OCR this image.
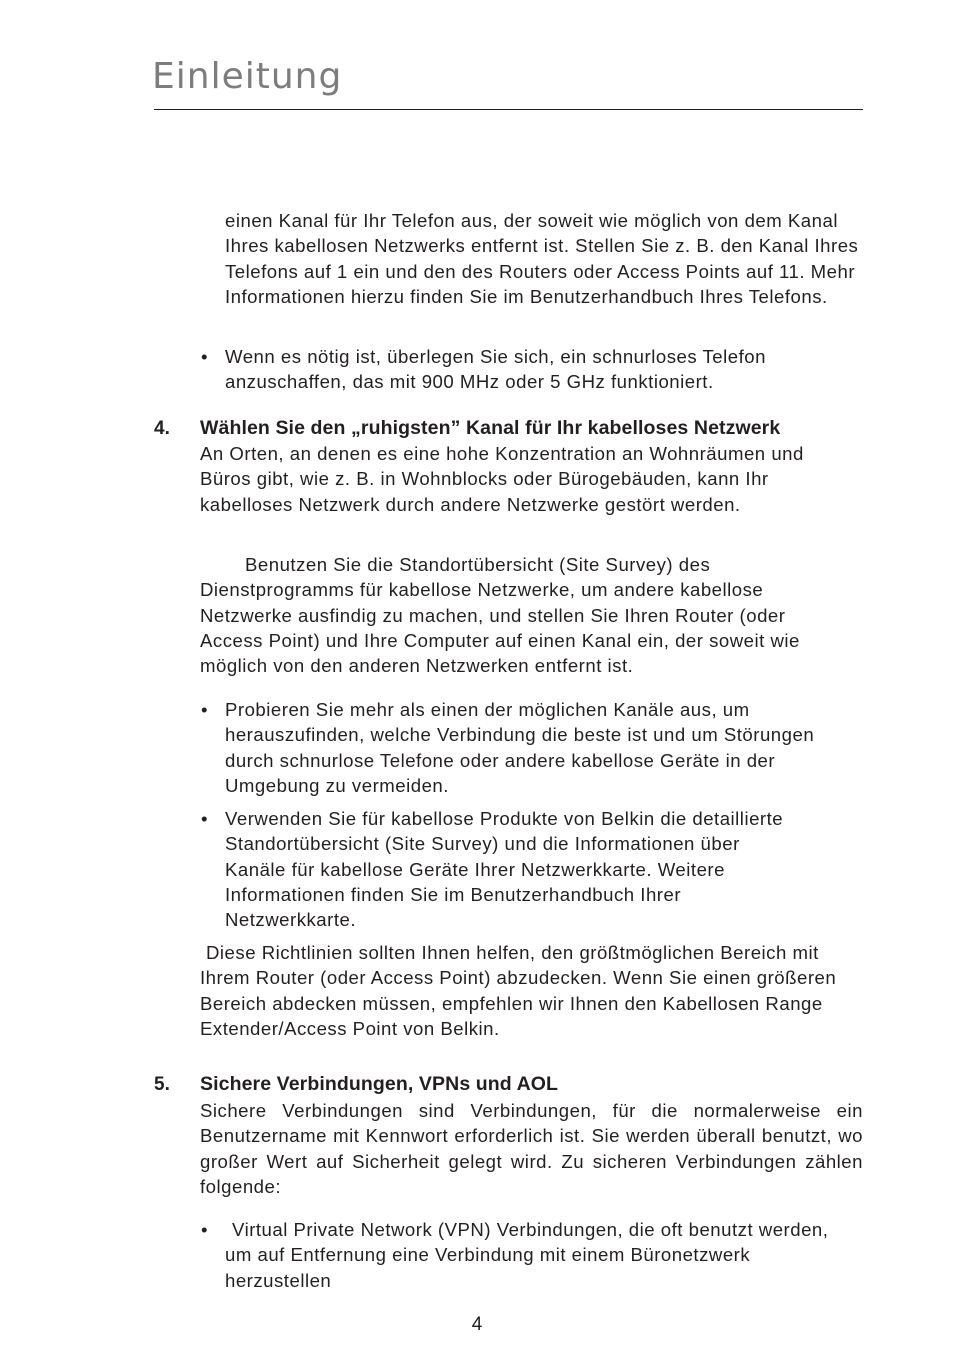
Einleitung

einen Kanal für Ihr Telefon aus, der soweit wie möglich von dem Kanal Ihres kabellosen Netzwerks entfernt ist. Stellen Sie z. B. den Kanal Ihres Telefons auf 1 ein und den des Routers oder Access Points auf 11. Mehr Informationen hierzu finden Sie im Benutzerhandbuch Ihres Telefons.

• Wenn es nötig ist, überlegen Sie sich, ein schnurloses Telefon anzuschaffen, das mit 900 MHz oder 5 GHz funktioniert.

4. Wählen Sie den „ruhigsten” Kanal für Ihr kabelloses Netzwerk

An Orten, an denen es eine hohe Konzentration an Wohnräumen und Büros gibt, wie z. B. in Wohnblocks oder Bürogebäuden, kann Ihr kabelloses Netzwerk durch andere Netzwerke gestört werden.

Benutzen Sie die Standortübersicht (Site Survey) des Dienstprogramms für kabellose Netzwerke, um andere kabellose Netzwerke ausfindig zu machen, und stellen Sie Ihren Router (oder Access Point) und Ihre Computer auf einen Kanal ein, der soweit wie möglich von den anderen Netzwerken entfernt ist.

• Probieren Sie mehr als einen der möglichen Kanäle aus, um herauszufinden, welche Verbindung die beste ist und um Störungen durch schnurlose Telefone oder andere kabellose Geräte in der Umgebung zu vermeiden.

• Verwenden Sie für kabellose Produkte von Belkin die detaillierte Standortübersicht (Site Survey) und die Informationen über Kanäle für kabellose Geräte Ihrer Netzwerkkarte. Weitere Informationen finden Sie im Benutzerhandbuch Ihrer Netzwerkkarte.

Diese Richtlinien sollten Ihnen helfen, den größtmöglichen Bereich mit Ihrem Router (oder Access Point) abzudecken. Wenn Sie einen größeren Bereich abdecken müssen, empfehlen wir Ihnen den Kabellosen Range Extender/Access Point von Belkin.

5. Sichere Verbindungen, VPNs und AOL

Sichere Verbindungen sind Verbindungen, für die normalerweise ein Benutzername mit Kennwort erforderlich ist. Sie werden überall benutzt, wo großer Wert auf Sicherheit gelegt wird. Zu sicheren Verbindungen zählen folgende:

•	Virtual Private Network (VPN) Verbindungen, die oft benutzt werden, um auf Entfernung eine Verbindung mit einem Büronetzwerk herzustellen

4
